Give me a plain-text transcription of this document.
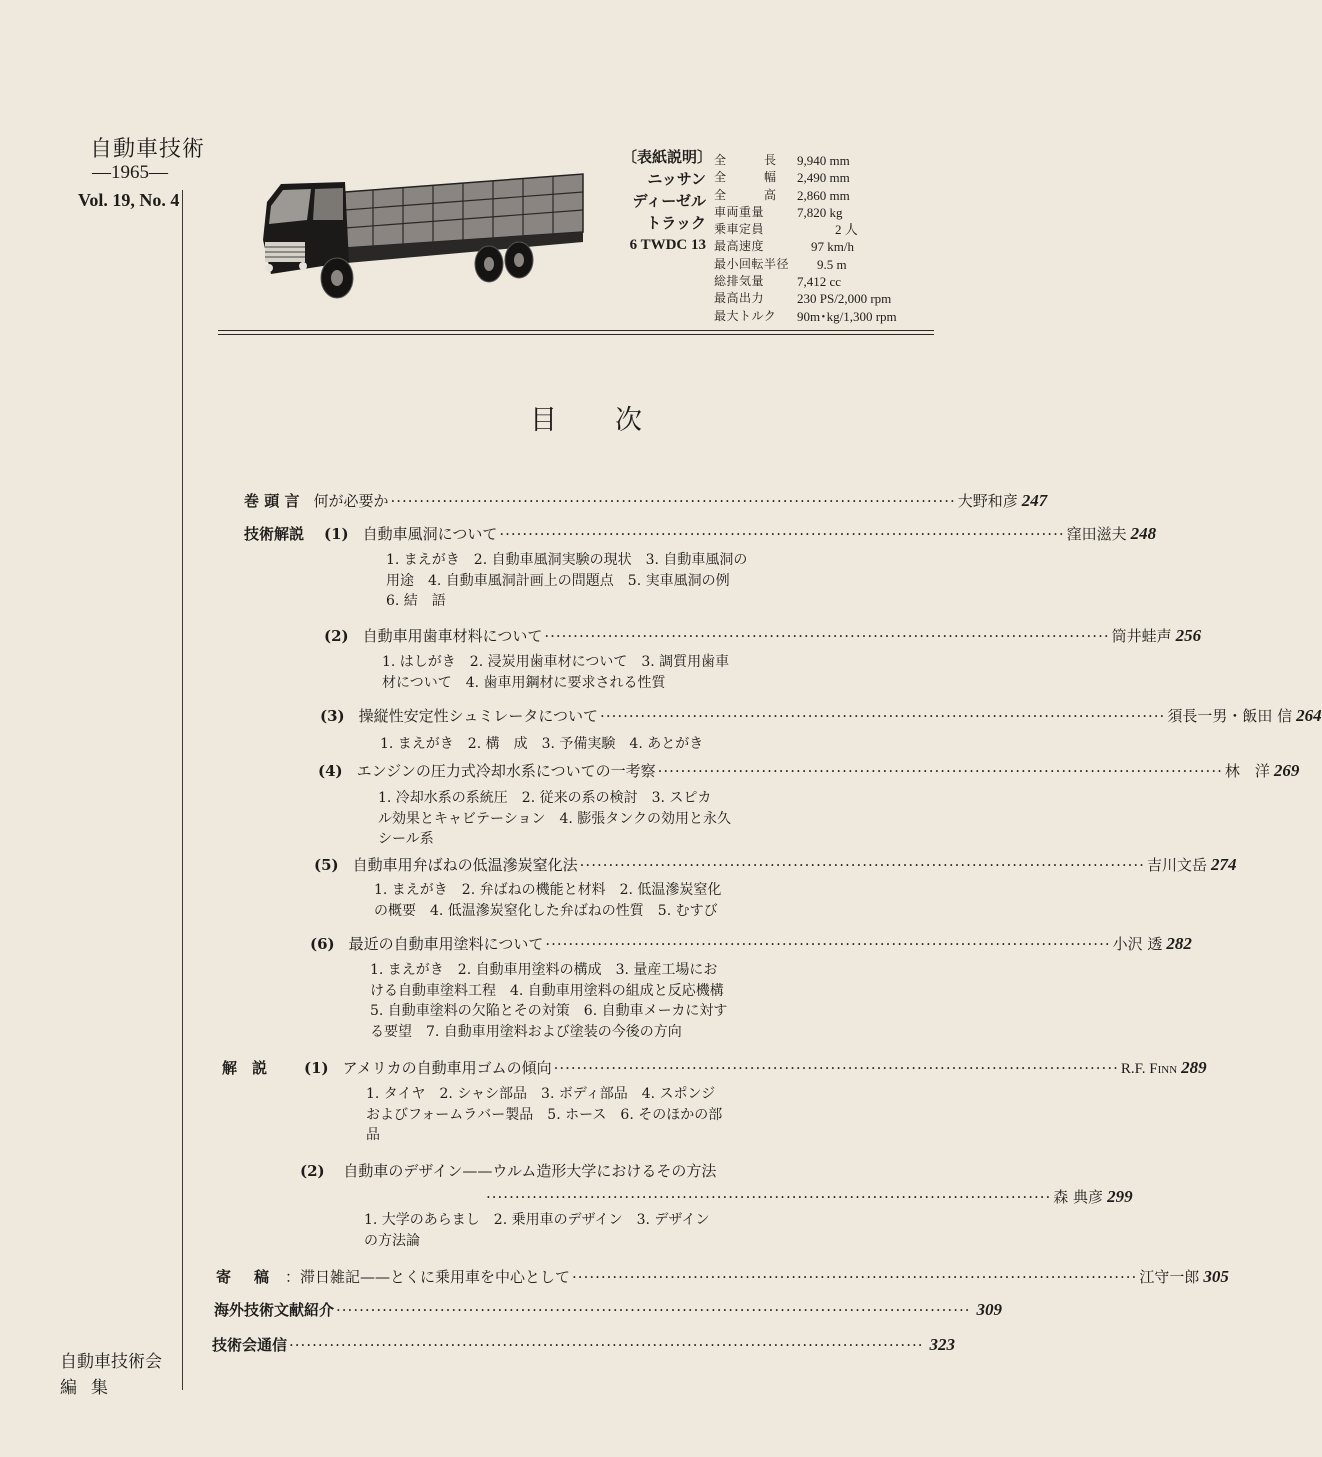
自動車技術
—1965—
Vol. 19, No. 4
自動車技術会
編集
〔表紙説明〕
ニッサン
ディーゼル
トラック
6 TWDC 13
全　　　長	9,940 mm
全　　　幅	2,490 mm
全　　　高	2,860 mm
車両重量	7,820 kg
乗車定員	2 人
最高速度	97 km/h
最小回転半径	9.5 m
総排気量	7,412 cc
最高出力	230 PS/2,000 rpm
最大トルク	90m･kg/1,300 rpm
目次
巻 頭 言 何が必要か ·································································································· 大野和彦 247
技術解説 (1) 自動車風洞について ·································································································· 窪田滋夫 248
1. まえがき　2. 自動車風洞実験の現状　3. 自動車風洞の
用途　4. 自動車風洞計画上の問題点　5. 実車風洞の例
6. 結　語
(2) 自動車用歯車材料について ·································································································· 筒井蛙声 256
1. はしがき　2. 浸炭用歯車材について　3. 調質用歯車
材について　4. 歯車用鋼材に要求される性質
(3) 操縦性安定性シュミレータについて ·································································································· 須長一男・飯田 信 264
1. まえがき　2. 構　成　3. 予備実験　4. あとがき
(4) エンジンの圧力式冷却水系についての一考察 ·································································································· 林　洋 269
1. 冷却水系の系統圧　2. 従来の系の検討　3. スピカ
ル効果とキャビテーション　4. 膨張タンクの効用と永久
シール系
(5) 自動車用弁ばねの低温滲炭窒化法 ·································································································· 吉川文岳 274
1. まえがき　2. 弁ばねの機能と材料　2. 低温滲炭窒化
の概要　4. 低温滲炭窒化した弁ばねの性質　5. むすび
(6) 最近の自動車用塗料について ·································································································· 小沢 透 282
1. まえがき　2. 自動車用塗料の構成　3. 量産工場にお
ける自動車塗料工程　4. 自動車用塗料の組成と反応機構
5. 自動車塗料の欠陥とその対策　6. 自動車メーカに対す
る要望　7. 自動車用塗料および塗装の今後の方向
解　説 (1) アメリカの自動車用ゴムの傾向 ·································································································· R.F. Finn 289
1. タイヤ　2. シャシ部品　3. ボディ部品　4. スポンジ
およびフォームラバー製品　5. ホース　6. そのほかの部
品
(2) 自動車のデザイン——ウルム造形大学におけるその方法
·································································································· 森 典彦 299
1. 大学のあらまし　2. 乗用車のデザイン　3. デザイン
の方法論
寄　稿 ：滞日雑記——とくに乗用車を中心として ·································································································· 江守一郎 305
海外技術文献紹介 ·············································································································· 309
技術会通信 ·············································································································· 323
